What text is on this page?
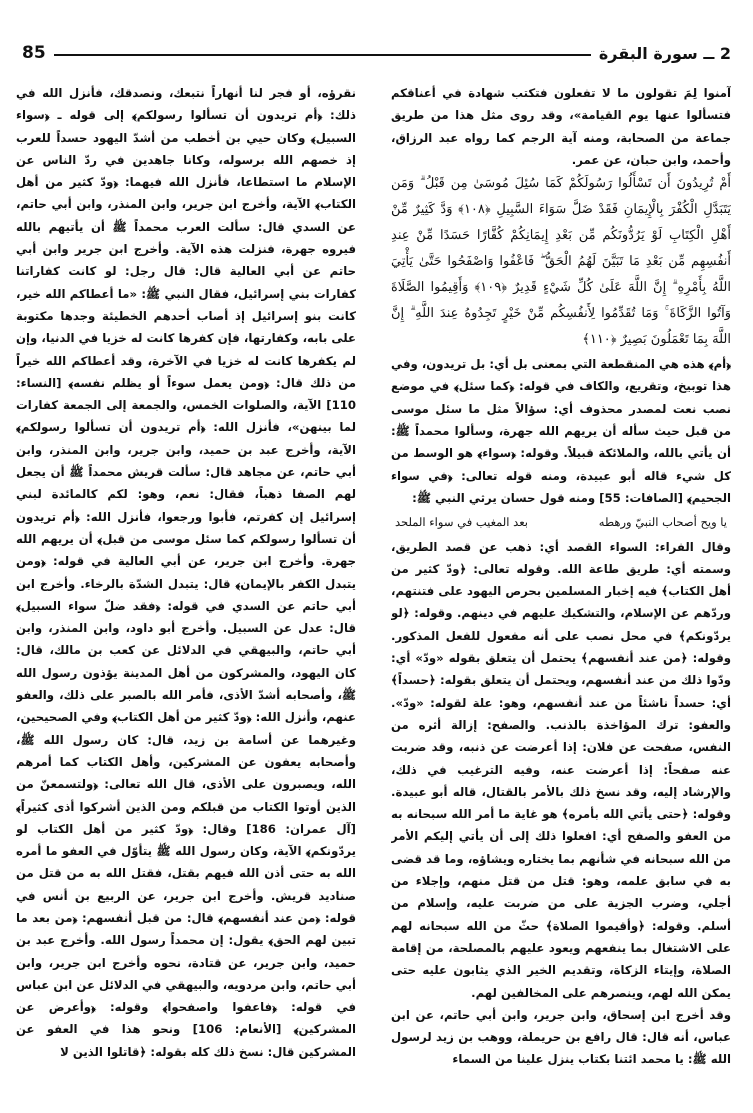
85	2 ــ سورة البقرة

آمنوا لِمَ تقولون ما لا تفعلون فتكتب شهادة في أعناقكم فتسألوا عنها يوم القيامة»، وقد روى مثل هذا من طريق جماعة من الصحابة، ومنه آية الرجم كما رواه عبد الرزاق، وأحمد، وابن حبان، عن عمر.

أَمْ تُرِيدُونَ أَن تَسْأَلُوا رَسُولَكُمْ كَمَا سُئِلَ مُوسَىٰ مِن قَبْلُ ۗ وَمَن يَتَبَدَّلِ الْكُفْرَ بِالْإِيمَانِ فَقَدْ ضَلَّ سَوَاءَ السَّبِيلِ ﴿١٠٨﴾ وَدَّ كَثِيرٌ مِّنْ أَهْلِ الْكِتَابِ لَوْ يَرُدُّونَكُم مِّن بَعْدِ إِيمَانِكُمْ كُفَّارًا حَسَدًا مِّنْ عِندِ أَنفُسِهِم مِّن بَعْدِ مَا تَبَيَّنَ لَهُمُ الْحَقُّ ۖ فَاعْفُوا وَاصْفَحُوا حَتَّىٰ يَأْتِيَ اللَّهُ بِأَمْرِهِ ۗ إِنَّ اللَّهَ عَلَىٰ كُلِّ شَيْءٍ قَدِيرٌ ﴿١٠٩﴾ وَأَقِيمُوا الصَّلَاةَ وَآتُوا الزَّكَاةَ ۚ وَمَا تُقَدِّمُوا لِأَنفُسِكُم مِّنْ خَيْرٍ تَجِدُوهُ عِندَ اللَّهِ ۗ إِنَّ اللَّهَ بِمَا تَعْمَلُونَ بَصِيرٌ ﴿١١٠﴾

﴿أم﴾ هذه هي المنقطعة التي بمعنى بل أي: بل تريدون، وفي هذا توبيخ، وتقريع، والكاف في قوله: ﴿كما سئل﴾ في موضع نصب نعت لمصدر محذوف أي: سؤالاً مثل ما سئل موسى من قبل حيث سأله أن يريهم الله جهرة، وسألوا محمداً ﷺ: أن يأتي بالله، والملائكة قبيلاً. وقوله: ﴿سواء﴾ هو الوسط من كل شيء قاله أبو عبيدة، ومنه قوله تعالى: ﴿في سواء الجحيم﴾ [الصافات: 55] ومنه قول حسان يرثي النبي ﷺ:

يا ويح أصحاب النبيّ ورهطه
بعد المغيب في سواء الملحد

وقال الفراء: السواء القصد أي: ذهب عن قصد الطريق، وسمته أي: طريق طاعة الله. وقوله تعالى: ﴿ودّ كثير من أهل الكتاب﴾ فيه إخبار المسلمين بحرص اليهود على فتنتهم، وردّهم عن الإسلام، والتشكيك عليهم في دينهم. وقوله: ﴿لو يردّونكم﴾ في محل نصب على أنه مفعول للفعل المذكور. وقوله: ﴿من عند أنفسهم﴾ يحتمل أن يتعلق بقوله «ودّ» أي: ودّوا ذلك من عند أنفسهم، ويحتمل أن يتعلق بقوله: ﴿حسداً﴾ أي: حسداً ناشئاً من عند أنفسهم، وهو: علة لقوله: «ودّ». والعفو: ترك المؤاخذة بالذنب. والصفح: إزالة أثره من النفس، صفحت عن فلان: إذا أعرضت عن ذنبه، وقد ضربت عنه صفحاً: إذا أعرضت عنه، وفيه الترغيب في ذلك، والإرشاد إليه، وقد نسخ ذلك بالأمر بالقتال، قاله أبو عبيدة. وقوله: ﴿حتى يأتي الله بأمره﴾ هو غاية ما أمر الله سبحانه به من العفو والصفح أي: افعلوا ذلك إلى أن يأتي إليكم الأمر من الله سبحانه في شأنهم بما يختاره ويشاؤه، وما قد قضى به في سابق علمه، وهو: قتل من قتل منهم، وإجلاء من أجلي، وضرب الجزية على من ضربت عليه، وإسلام من أسلم. وقوله: ﴿وأقيموا الصلاة﴾ حثّ من الله سبحانه لهم على الاشتغال بما ينفعهم ويعود عليهم بالمصلحة، من إقامة الصلاة، وإيتاء الزكاة، وتقديم الخير الذي يثابون عليه حتى يمكن الله لهم، وينصرهم على المخالفين لهم.

وقد أخرج ابن إسحاق، وابن جرير، وابن أبي حاتم، عن ابن عباس، أنه قال: قال رافع بن حريملة، ووهب بن زيد لرسول الله ﷺ: يا محمد ائتنا بكتاب ينزل علينا من السماء

نقرؤه، أو فجر لنا أنهاراً نتبعك، ونصدقك، فأنزل الله في ذلك: ﴿أم تريدون أن تسألوا رسولكم﴾ إلى قوله ـ ﴿سواء السبيل﴾ وكان حيي بن أخطب من أشدّ اليهود حسداً للعرب إذ خصهم الله برسوله، وكانا جاهدين في ردّ الناس عن الإسلام ما استطاعا، فأنزل الله فيهما: ﴿ودّ كثير من أهل الكتاب﴾ الآية، وأخرج ابن جرير، وابن المنذر، وابن أبي حاتم، عن السدي قال: سألت العرب محمداً ﷺ أن يأتيهم بالله فيروه جهرة، فنزلت هذه الآية. وأخرج ابن جرير وابن أبي حاتم عن أبي العالية قال: قال رجل: لو كانت كفاراتنا كفارات بني إسرائيل، فقال النبي ﷺ: «ما أعطاكم الله خير، كانت بنو إسرائيل إذ أصاب أحدهم الخطيئة وجدها مكتوبة على بابه، وكفارتها، فإن كفرها كانت له خزيا في الدنيا، وإن لم يكفرها كانت له خزيا في الآخرة، وقد أعطاكم الله خيراً من ذلك قال: ﴿ومن يعمل سوءاً أو يظلم نفسه﴾ [النساء: 110] الآية، والصلوات الخمس، والجمعة إلى الجمعة كفارات لما بينهن»، فأنزل الله: ﴿أم تريدون أن تسألوا رسولكم﴾ الآية، وأخرج عبد بن حميد، وابن جرير، وابن المنذر، وابن أبي حاتم، عن مجاهد قال: سألت قريش محمداً ﷺ أن يجعل لهم الصفا ذهباً، فقال: نعم، وهو: لكم كالمائدة لبني إسرائيل إن كفرتم، فأبوا ورجعوا، فأنزل الله: ﴿أم تريدون أن تسألوا رسولكم كما سئل موسى من قبل﴾ أن يريهم الله جهرة. وأخرج ابن جرير، عن أبي العالية في قوله: ﴿ومن يتبدل الكفر بالإيمان﴾ قال: يتبدل الشدّة بالرخاء. وأخرج ابن أبي حاتم عن السدي في قوله: ﴿فقد ضلّ سواء السبيل﴾ قال: عدل عن السبيل. وأخرج أبو داود، وابن المنذر، وابن أبي حاتم، والبيهقي في الدلائل عن كعب بن مالك، قال: كان اليهود، والمشركون من أهل المدينة يؤذون رسول الله ﷺ، وأصحابه أشدّ الأذى، فأمر الله بالصبر على ذلك، والعفو عنهم، وأنزل الله: ﴿ودّ كثير من أهل الكتاب﴾ وفي الصحيحين، وغيرهما عن أسامة بن زيد، قال: كان رسول الله ﷺ، وأصحابه يعفون عن المشركين، وأهل الكتاب كما أمرهم الله، ويصبرون على الأذى، قال الله تعالى: ﴿ولتسمعنّ من الذين أوتوا الكتاب من قبلكم ومن الذين أشركوا أذى كثيراً﴾ [آل عمران: 186] وقال: ﴿ودّ كثير من أهل الكتاب لو يردّونكم﴾ الآية، وكان رسول الله ﷺ يتأوّل في العفو ما أمره الله به حتى أذن الله فيهم بقتل، فقتل الله به من قتل من صناديد قريش. وأخرج ابن جرير، عن الربيع بن أنس في قوله: ﴿من عند أنفسهم﴾ قال: من قبل أنفسهم: ﴿من بعد ما تبين لهم الحق﴾ يقول: إن محمداً رسول الله. وأخرج عبد بن حميد، وابن جرير، عن قتادة، نحوه وأخرج ابن جرير، وابن أبي حاتم، وابن مردويه، والبيهقي في الدلائل عن ابن عباس في قوله: ﴿فاعفوا واصفحوا﴾ وقوله: ﴿وأعرض عن المشركين﴾ [الأنعام: 106] ونحو هذا في العفو عن المشركين قال: نسخ ذلك كله بقوله: ﴿قاتلوا الذين لا
